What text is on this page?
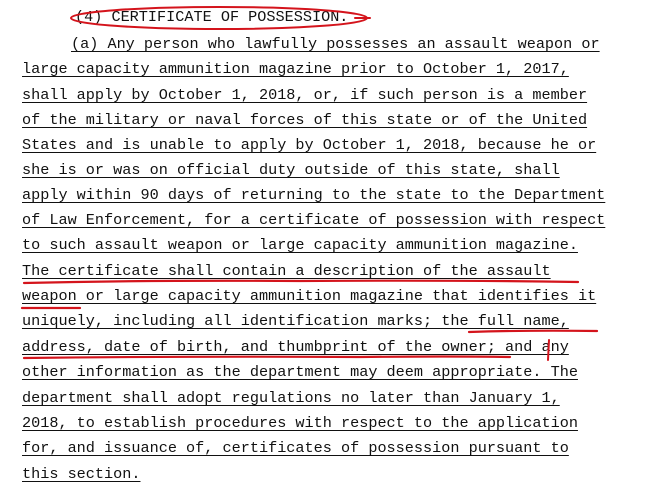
(4) CERTIFICATE OF POSSESSION.
(a) Any person who lawfully possesses an assault weapon or
large capacity ammunition magazine prior to October 1, 2017,
shall apply by October 1, 2018, or, if such person is a member
of the military or naval forces of this state or of the United
States and is unable to apply by October 1, 2018, because he or
she is or was on official duty outside of this state, shall
apply within 90 days of returning to the state to the Department
of Law Enforcement, for a certificate of possession with respect
to such assault weapon or large capacity ammunition magazine.
The certificate shall contain a description of the assault
weapon or large capacity ammunition magazine that identifies it
uniquely, including all identification marks; the full name,
address, date of birth, and thumbprint of the owner; and any
other information as the department may deem appropriate. The
department shall adopt regulations no later than January 1,
2018, to establish procedures with respect to the application
for, and issuance of, certificates of possession pursuant to
this section.
